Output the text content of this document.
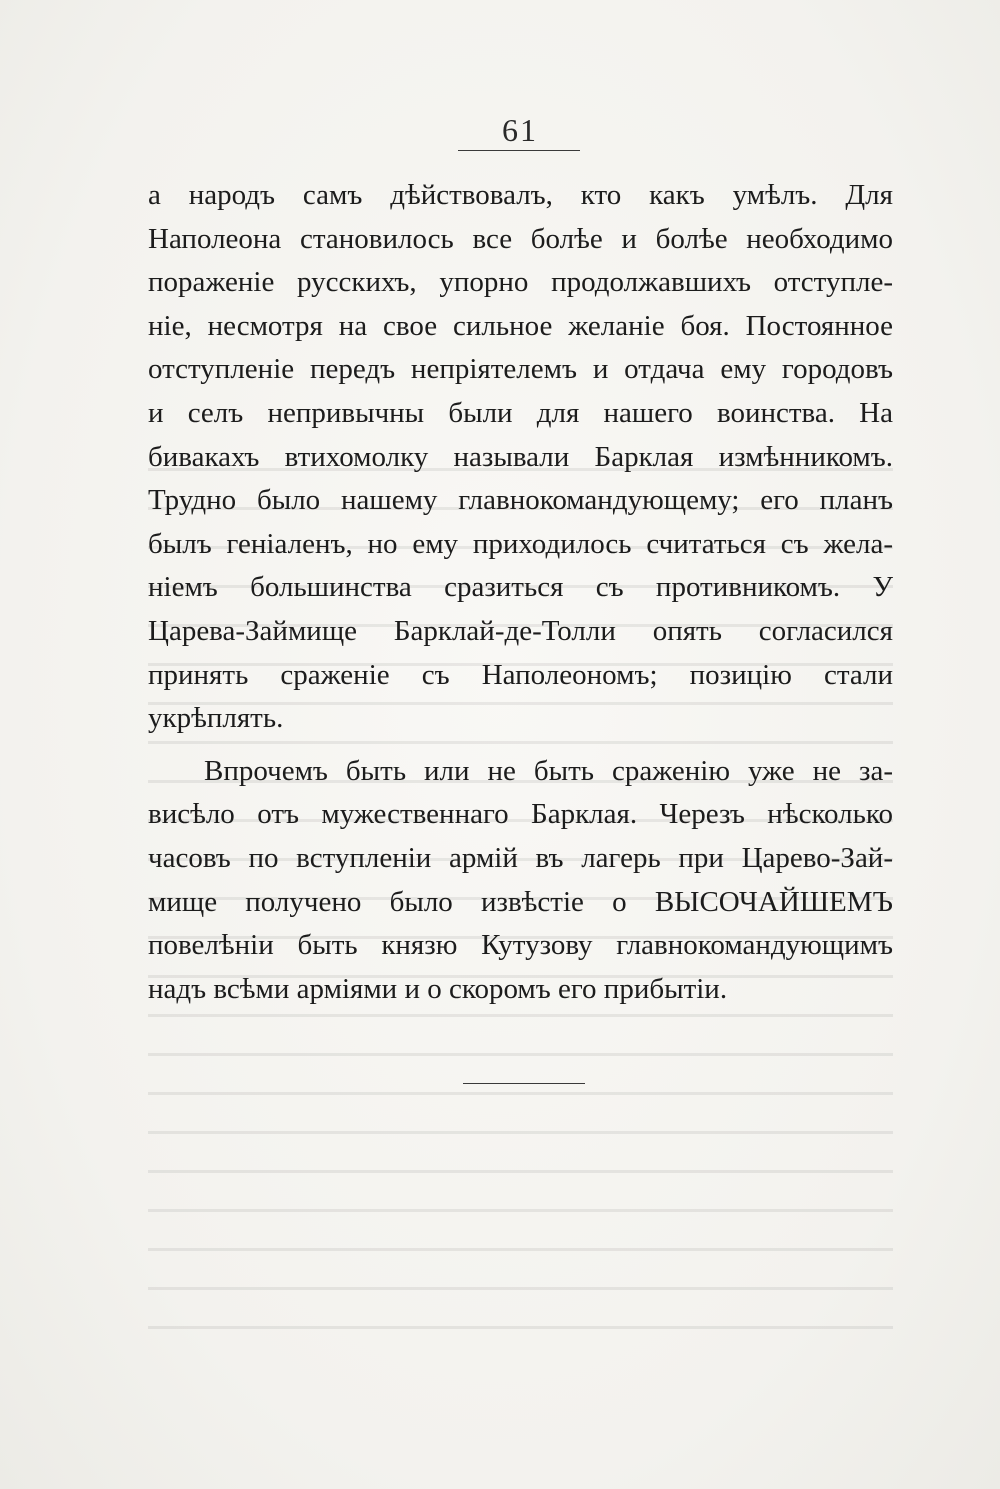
61
а народъ самъ дѣйствовалъ, кто какъ умѣлъ. Для
Наполеона становилось все болѣе и болѣе необходимо
пораженіе русскихъ, упорно продолжавшихъ отступле-
ніе, несмотря на свое сильное желаніе боя. Постоянное
отступленіе передъ непріятелемъ и отдача ему городовъ
и селъ непривычны были для нашего воинства. На
бивакахъ втихомолку называли Барклая измѣнникомъ.
Трудно было нашему главнокомандующему; его планъ
былъ геніаленъ, но ему приходилось считаться съ желa-
ніемъ большинства сразиться съ противникомъ. У
Царева-Займище Барклай-де-Толли опять согласился
принять сраженіе съ Наполеономъ; позицію стали
укрѣплять.
Впрочемъ быть или не быть сраженію уже не за-
висѣло отъ мужественнаго Барклая. Черезъ нѣсколько
часовъ по вступленіи армій въ лагерь при Царево-Зай-
мище получено было извѣстіе о ВЫСОЧАЙШЕМЪ
повелѣніи быть князю Кутузову главнокомандующимъ
надъ всѣми арміями и о скоромъ его прибытіи.
